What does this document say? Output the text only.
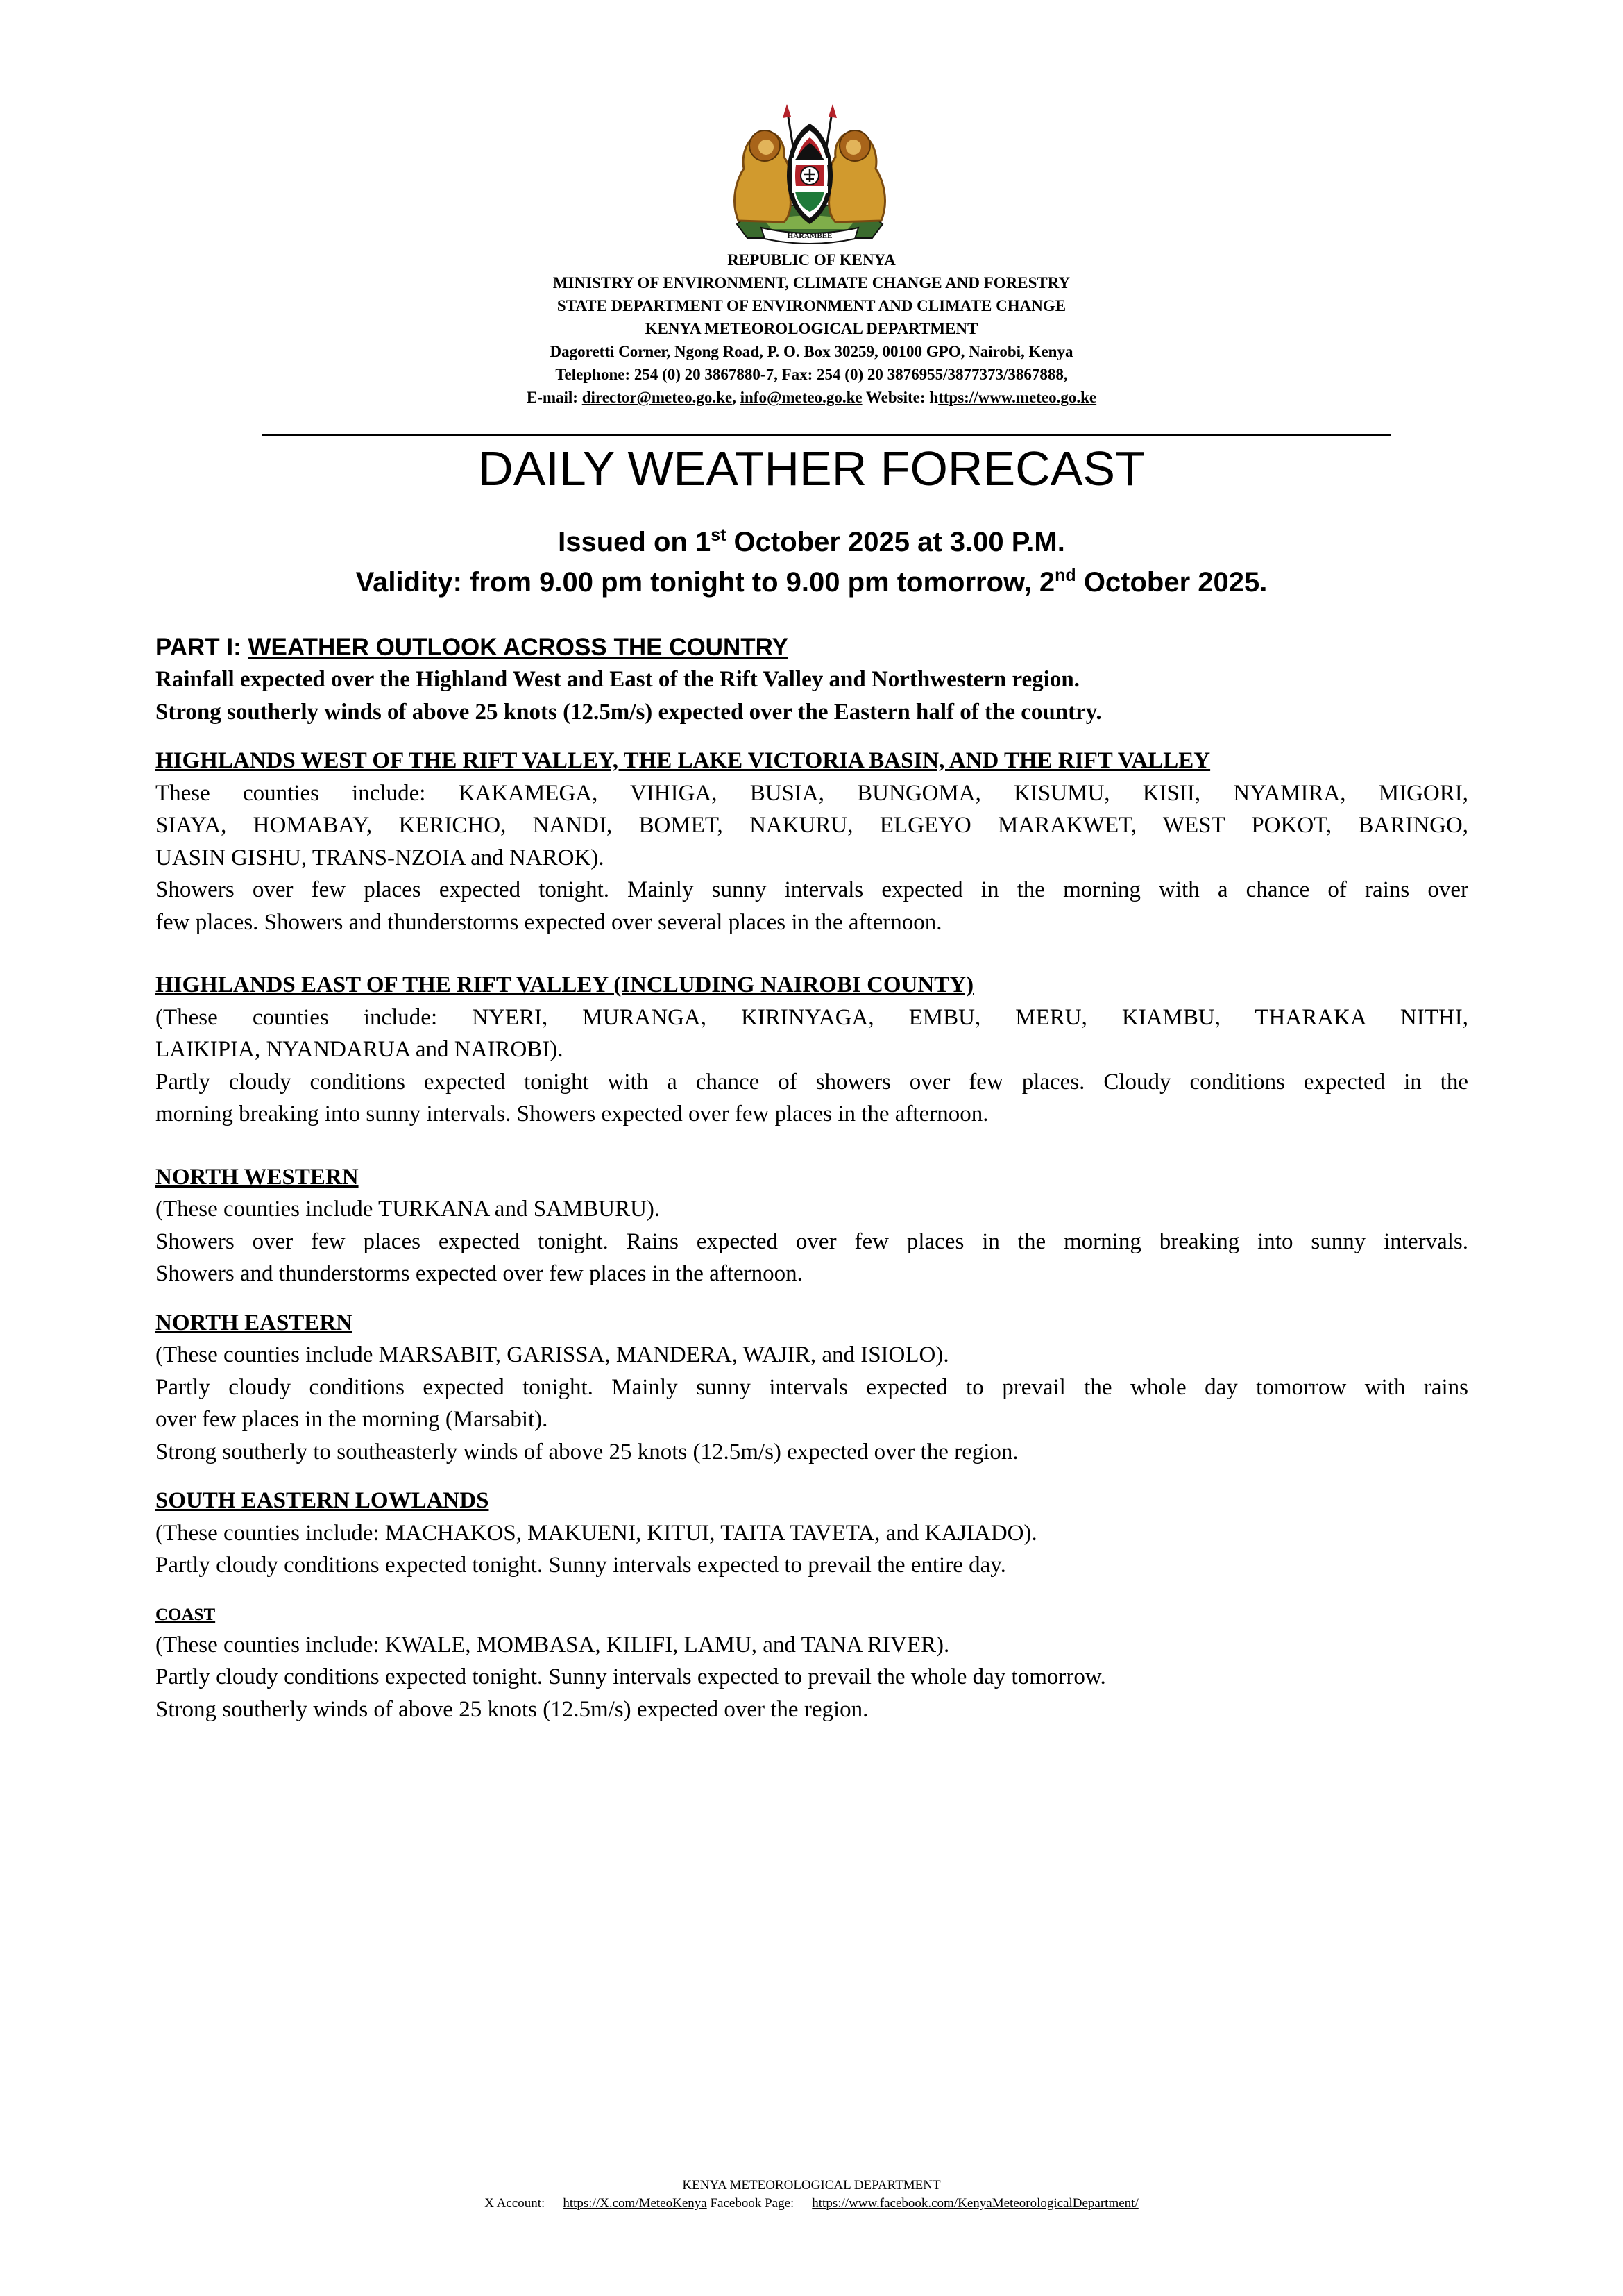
HARAMBEE
REPUBLIC OF KENYA
MINISTRY OF ENVIRONMENT, CLIMATE CHANGE AND FORESTRY
STATE DEPARTMENT OF ENVIRONMENT AND CLIMATE CHANGE
KENYA METEOROLOGICAL DEPARTMENT
Dagoretti Corner, Ngong Road, P. O. Box 30259, 00100 GPO, Nairobi, Kenya
Telephone: 254 (0) 20 3867880-7, Fax: 254 (0) 20 3876955/3877373/3867888,
E-mail: director@meteo.go.ke, info@meteo.go.ke Website: https://www.meteo.go.ke
DAILY WEATHER FORECAST
Issued on 1st October 2025 at 3.00 P.M.
Validity: from 9.00 pm tonight to 9.00 pm tomorrow, 2nd October 2025.
PART I: WEATHER OUTLOOK ACROSS THE COUNTRY
Rainfall expected over the Highland West and East of the Rift Valley and Northwestern region.
Strong southerly winds of above 25 knots (12.5m/s) expected over the Eastern half of the country.
HIGHLANDS WEST OF THE RIFT VALLEY, THE LAKE VICTORIA BASIN, AND THE RIFT VALLEY
These counties include: KAKAMEGA, VIHIGA, BUSIA, BUNGOMA, KISUMU, KISII, NYAMIRA, MIGORI,
SIAYA, HOMABAY, KERICHO, NANDI, BOMET, NAKURU, ELGEYO MARAKWET, WEST POKOT, BARINGO,
UASIN GISHU, TRANS-NZOIA and NAROK).
Showers over few places expected tonight. Mainly sunny intervals expected in the morning with a chance of rains over
few places. Showers and thunderstorms expected over several places in the afternoon.
HIGHLANDS EAST OF THE RIFT VALLEY (INCLUDING NAIROBI COUNTY)
(These counties include: NYERI, MURANGA, KIRINYAGA, EMBU, MERU, KIAMBU, THARAKA NITHI,
LAIKIPIA, NYANDARUA and NAIROBI).
Partly cloudy conditions expected tonight with a chance of showers over few places. Cloudy conditions expected in the
morning breaking into sunny intervals. Showers expected over few places in the afternoon.
NORTH WESTERN
(These counties include TURKANA and SAMBURU).
Showers over few places expected tonight. Rains expected over few places in the morning breaking into sunny intervals.
Showers and thunderstorms expected over few places in the afternoon.
NORTH EASTERN
(These counties include MARSABIT, GARISSA, MANDERA, WAJIR, and ISIOLO).
Partly cloudy conditions expected tonight. Mainly sunny intervals expected to prevail the whole day tomorrow with rains
over few places in the morning (Marsabit).
Strong southerly to southeasterly winds of above 25 knots (12.5m/s) expected over the region.
SOUTH EASTERN LOWLANDS
(These counties include: MACHAKOS, MAKUENI, KITUI, TAITA TAVETA, and KAJIADO).
Partly cloudy conditions expected tonight. Sunny intervals expected to prevail the entire day.
COAST
(These counties include: KWALE, MOMBASA, KILIFI, LAMU, and TANA RIVER).
Partly cloudy conditions expected tonight. Sunny intervals expected to prevail the whole day tomorrow.
Strong southerly winds of above 25 knots (12.5m/s) expected over the region.
KENYA METEOROLOGICAL DEPARTMENT
X Account: https://X.com/MeteoKenya Facebook Page: https://www.facebook.com/KenyaMeteorologicalDepartment/
